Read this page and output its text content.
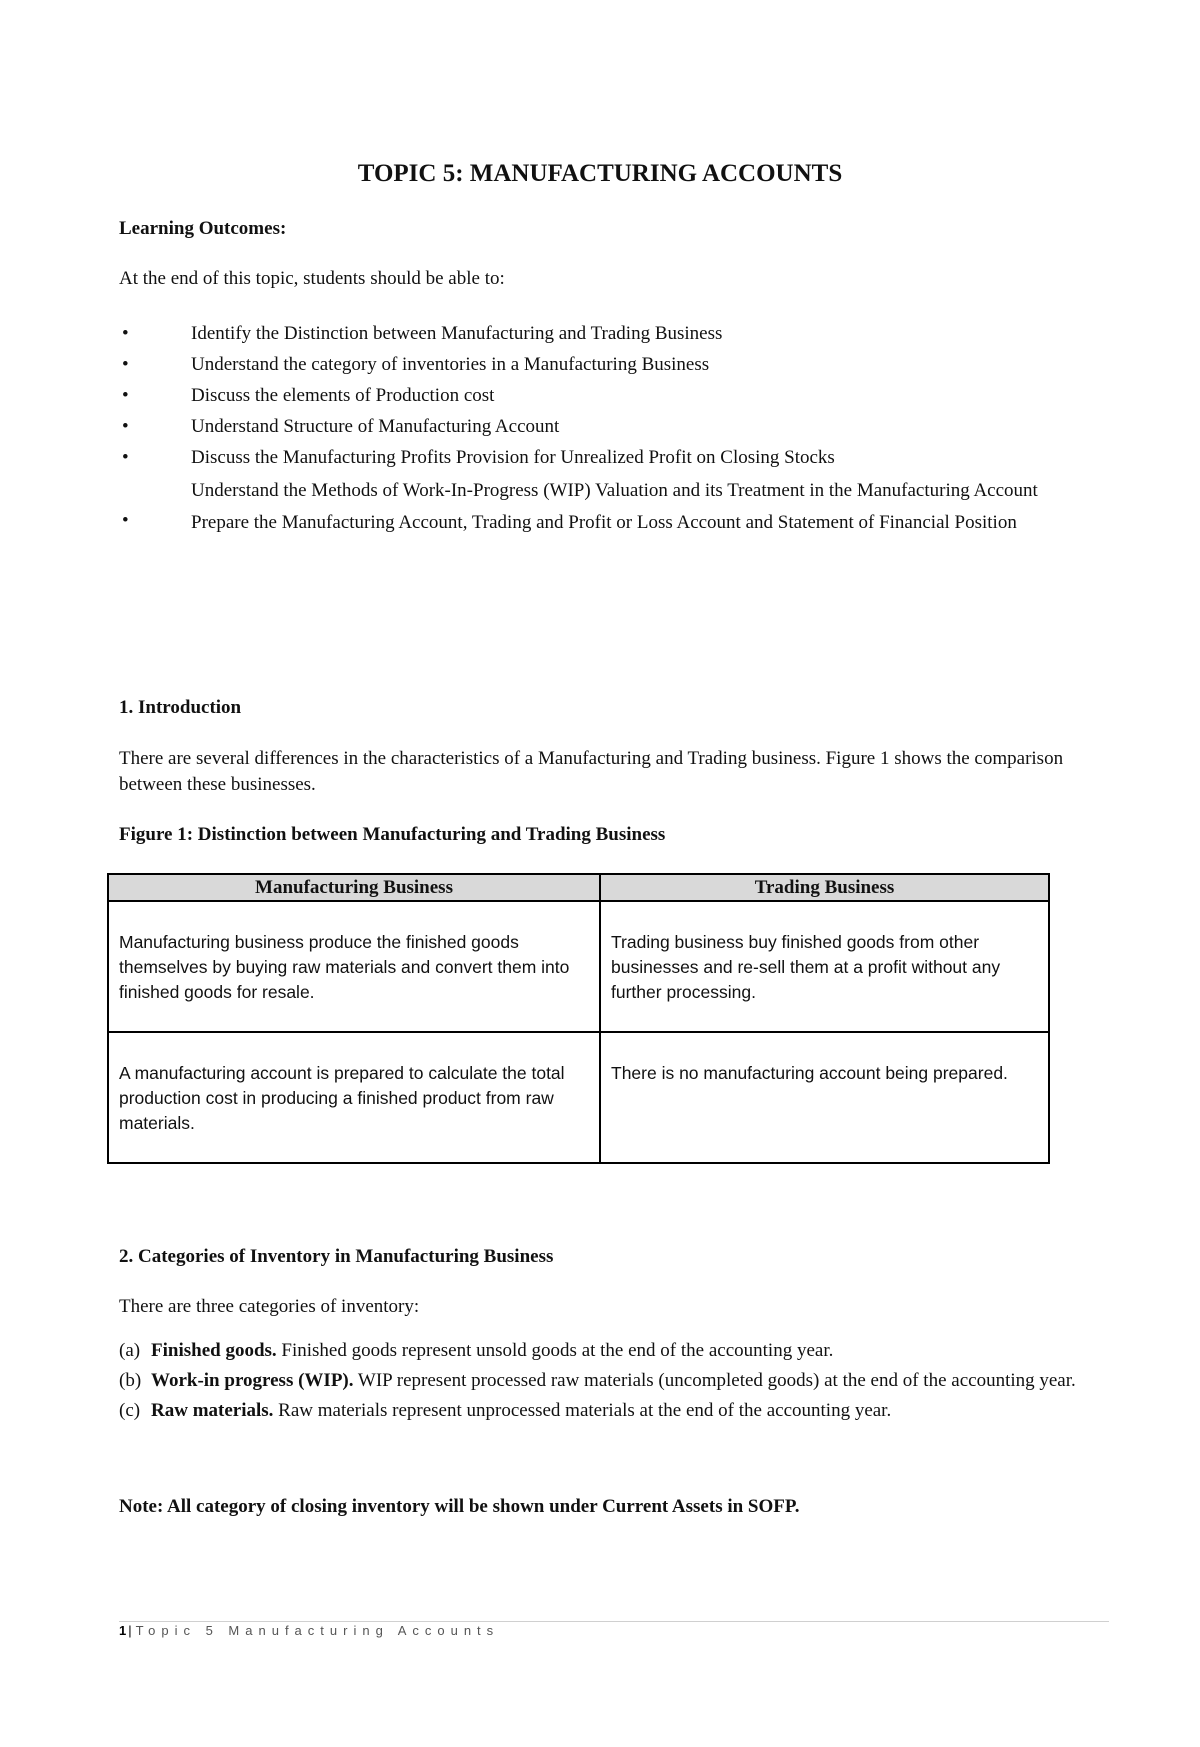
TOPIC 5: MANUFACTURING ACCOUNTS
Learning Outcomes:
At the end of this topic, students should be able to:
•	Identify the Distinction between Manufacturing and Trading Business
•	Understand the category of inventories in a Manufacturing Business
•	Discuss the elements of Production cost
•	Understand Structure of Manufacturing Account
•	Discuss the Manufacturing Profits Provision for Unrealized Profit on Closing Stocks
Understand the Methods of Work-In-Progress (WIP) Valuation and its Treatment in the Manufacturing Account
•	Prepare the Manufacturing Account, Trading and Profit or Loss Account and Statement of Financial Position
1. Introduction
There are several differences in the characteristics of a Manufacturing and Trading business. Figure 1 shows the comparison between these businesses.
Figure 1: Distinction between Manufacturing and Trading Business
Manufacturing Business	Trading Business
Manufacturing business produce the finished goods themselves by buying raw materials and convert them into finished goods for resale.	Trading business buy finished goods from other businesses and re-sell them at a profit without any further processing.
A manufacturing account is prepared to calculate the total production cost in producing a finished product from raw materials.	There is no manufacturing account being prepared.
2. Categories of Inventory in Manufacturing Business
There are three categories of inventory:
(a) Finished goods. Finished goods represent unsold goods at the end of the accounting year.
(b) Work-in progress (WIP). WIP represent processed raw materials (uncompleted goods) at the end of the accounting year.
(c) Raw materials. Raw materials represent unprocessed materials at the end of the accounting year.
Note: All category of closing inventory will be shown under Current Assets in SOFP.
1 | Topic 5 Manufacturing Accounts
